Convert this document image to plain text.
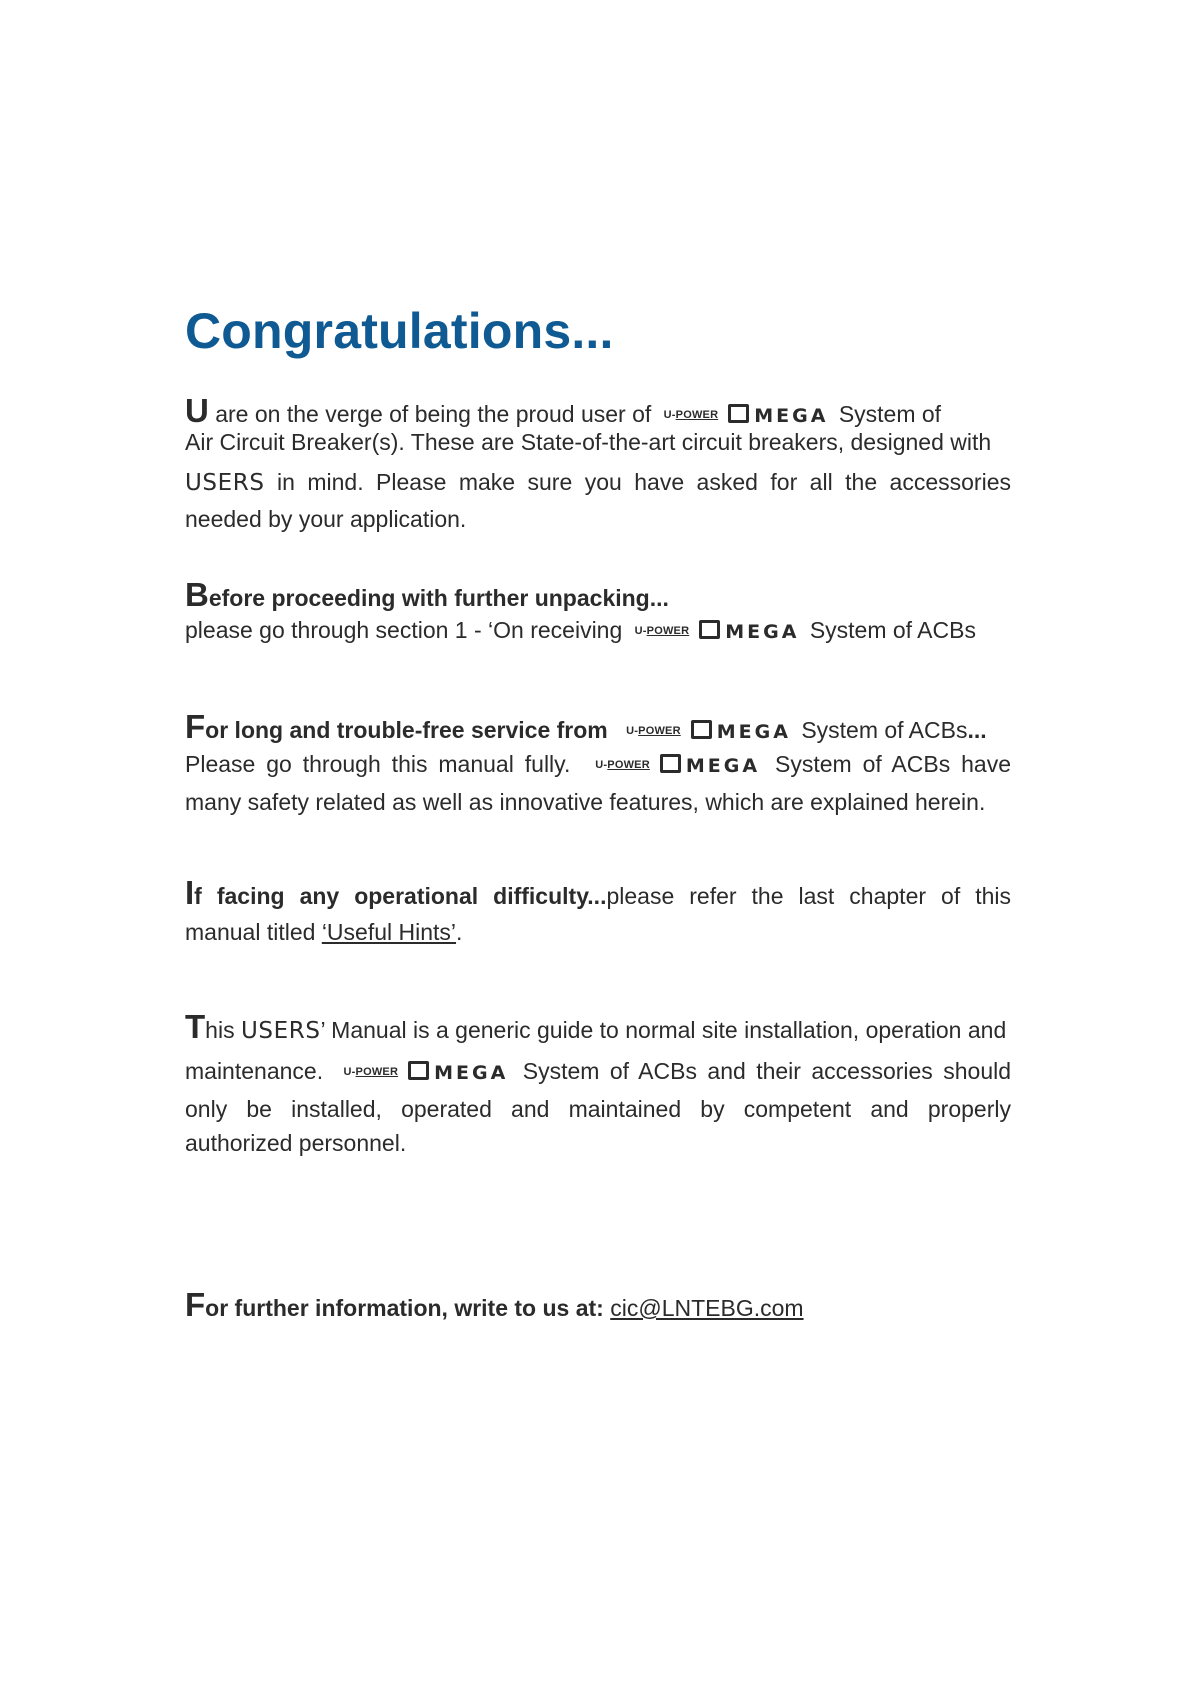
Congratulations...
U are on the verge of being the proud user of U-POWER MEGA System of
Air Circuit Breaker(s). These are State-of-the-art circuit breakers, designed with
USERS in mind. Please make sure you have asked for all the accessories
needed by your application.
Before proceeding with further unpacking...
please go through section 1 - ‘On receiving U-POWER MEGA System of ACBs
For long and trouble-free service from U-POWER MEGA System of ACBs...
Please go through this manual fully. U-POWER MEGA System of ACBs have
many safety related as well as innovative features, which are explained herein.
If facing any operational difficulty...please refer the last chapter of this
manual titled ‘Useful Hints’.
This USERS’ Manual is a generic guide to normal site installation, operation and
maintenance. U-POWER MEGA System of ACBs and their accessories should
only be installed, operated and maintained by competent and properly
authorized personnel.
For further information, write to us at: cic@LNTEBG.com
